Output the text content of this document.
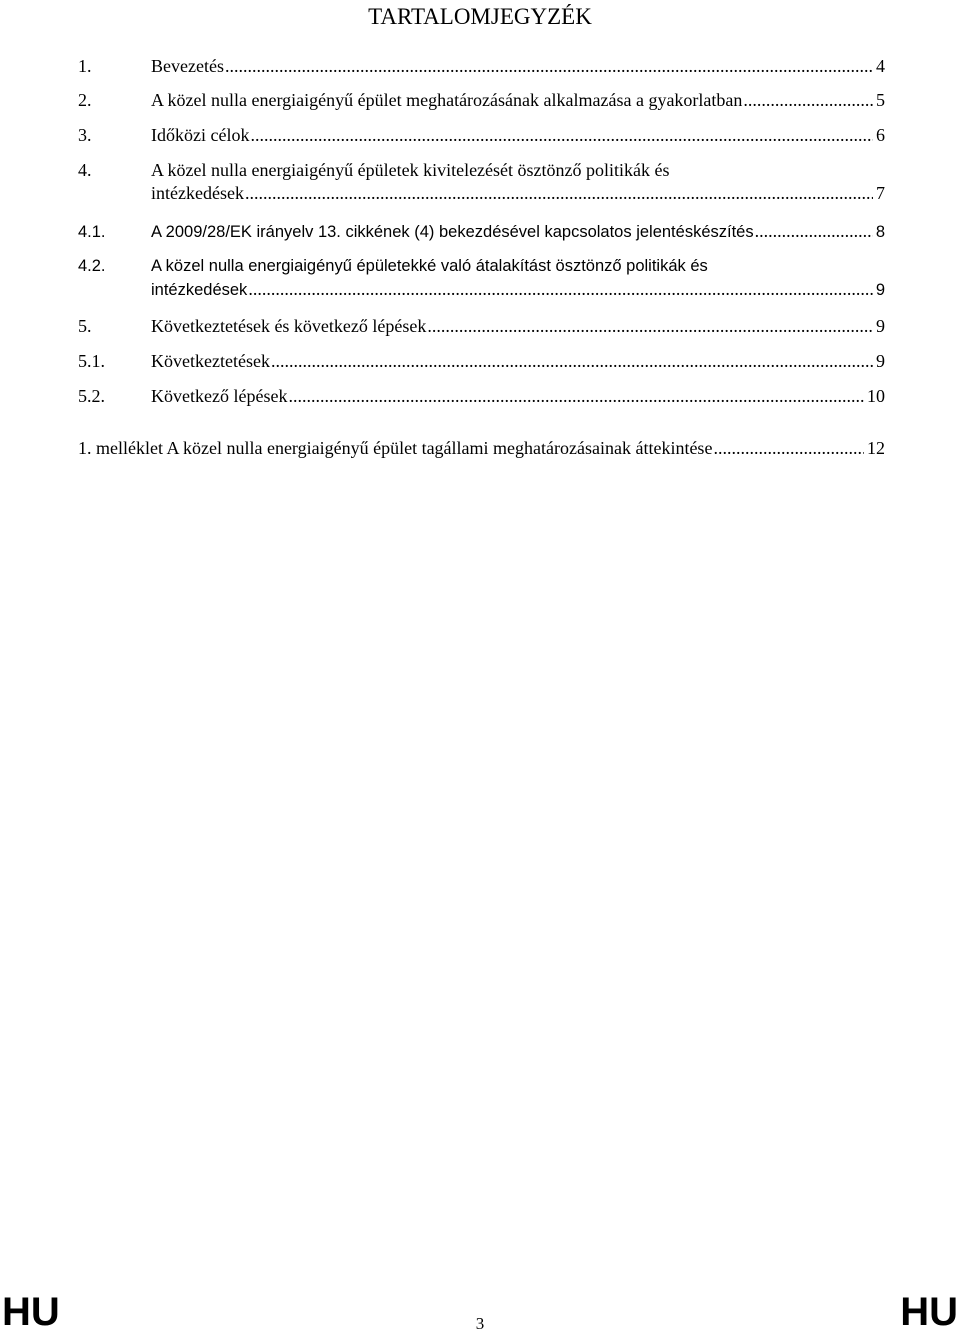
TARTALOMJEGYZÉK
1.	Bevezetés .....	4
2.	A közel nulla energiaigényű épület meghatározásának alkalmazása a gyakorlatban .....	5
3.	Időközi célok .....	6
4.	A közel nulla energiaigényű épületek kivitelezését ösztönző politikák és
intézkedések .....	7
4.1.	A 2009/28/EK irányelv 13. cikkének (4) bekezdésével kapcsolatos jelentéskészítés .....	8
4.2.	A közel nulla energiaigényű épületekké való átalakítást ösztönző politikák és
intézkedések .....	9
5.	Következtetések és következő lépések .....	9
5.1.	Következtetések .....	9
5.2.	Következő lépések .....	10
1. melléklet A közel nulla energiaigényű épület tagállami meghatározásainak áttekintése .....	12
HU	3	HU
